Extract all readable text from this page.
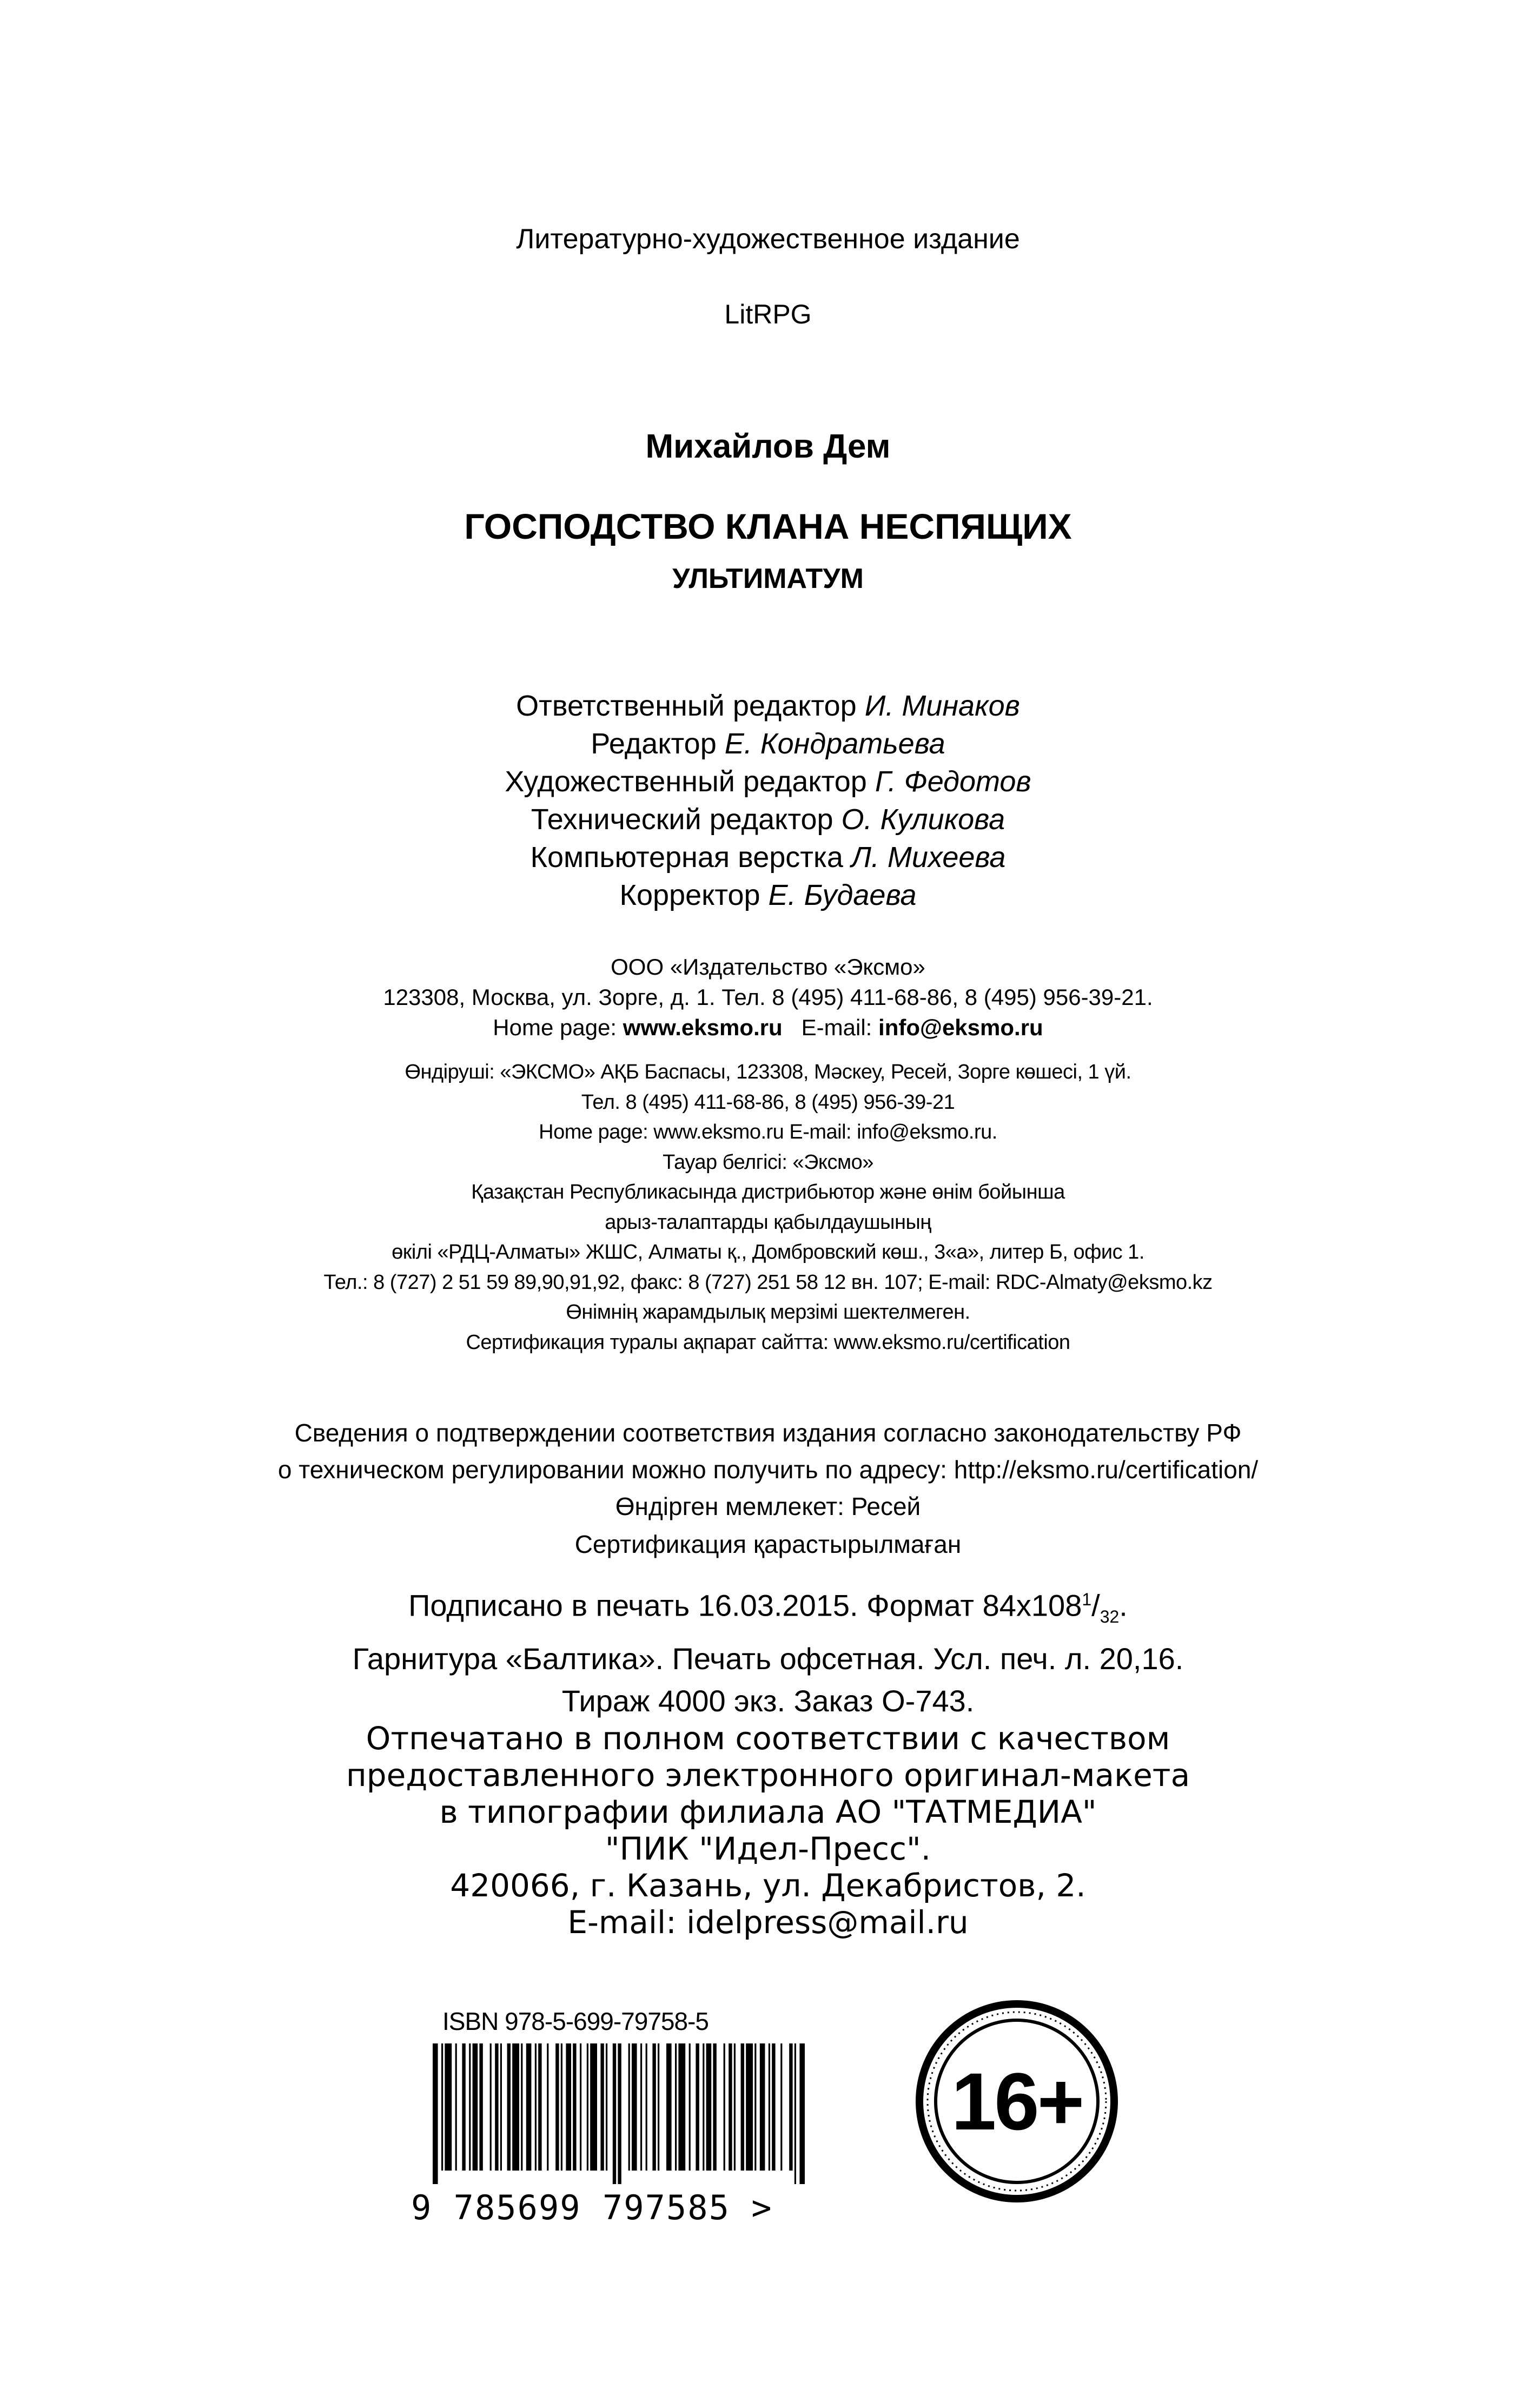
Литературно-художественное издание
LitRPG
Михайлов Дем
ГОСПОДСТВО КЛАНА НЕСПЯЩИХ
УЛЬТИМАТУМ
Ответственный редактор И. Минаков
Редактор Е. Кондратьева
Художественный редактор Г. Федотов
Технический редактор О. Куликова
Компьютерная верстка Л. Михеева
Корректор Е. Будаева
ООО «Издательство «Эксмо»
123308, Москва, ул. Зорге, д. 1. Тел. 8 (495) 411-68-86, 8 (495) 956-39-21.
Home page: www.eksmo.ru E-mail: info@eksmo.ru
Өндіруші: «ЭКСМО» АҚБ Баспасы, 123308, Мәскеу, Ресей, Зорге көшесі, 1 үй.
Тел. 8 (495) 411-68-86, 8 (495) 956-39-21
Home page: www.eksmo.ru E-mail: info@eksmo.ru.
Тауар белгісі: «Эксмо»
Қазақстан Республикасында дистрибьютор және өнім бойынша
арыз-талаптарды қабылдаушының
өкілі «РДЦ-Алматы» ЖШС, Алматы қ., Домбровский көш., 3«а», литер Б, офис 1.
Тел.: 8 (727) 2 51 59 89,90,91,92, факс: 8 (727) 251 58 12 вн. 107; E-mail: RDC-Almaty@eksmo.kz
Өнімнің жарамдылық мерзімі шектелмеген.
Сертификация туралы ақпарат сайтта: www.eksmo.ru/certification
Сведения о подтверждении соответствия издания согласно законодательству РФ
о техническом регулировании можно получить по адресу: http://eksmo.ru/certification/
Өндірген мемлекет: Ресей
Сертификация қарастырылмаған
Подписано в печать 16.03.2015. Формат $84х108^1/_{32}$.
Гарнитура «Балтика». Печать офсетная. Усл. печ. л. 20,16.
Тираж 4000 экз. Заказ О-743.
Отпечатано в полном соответствии с качеством
предоставленного электронного оригинал-макета
в типографии филиала АО "ТАТМЕДИА"
"ПИК "Идел-Пресс".
420066, г. Казань, ул. Декабристов, 2.
E-mail: idelpress@mail.ru
ISBN 978-5-699-79758-5
9 785699 797585 >
16+
